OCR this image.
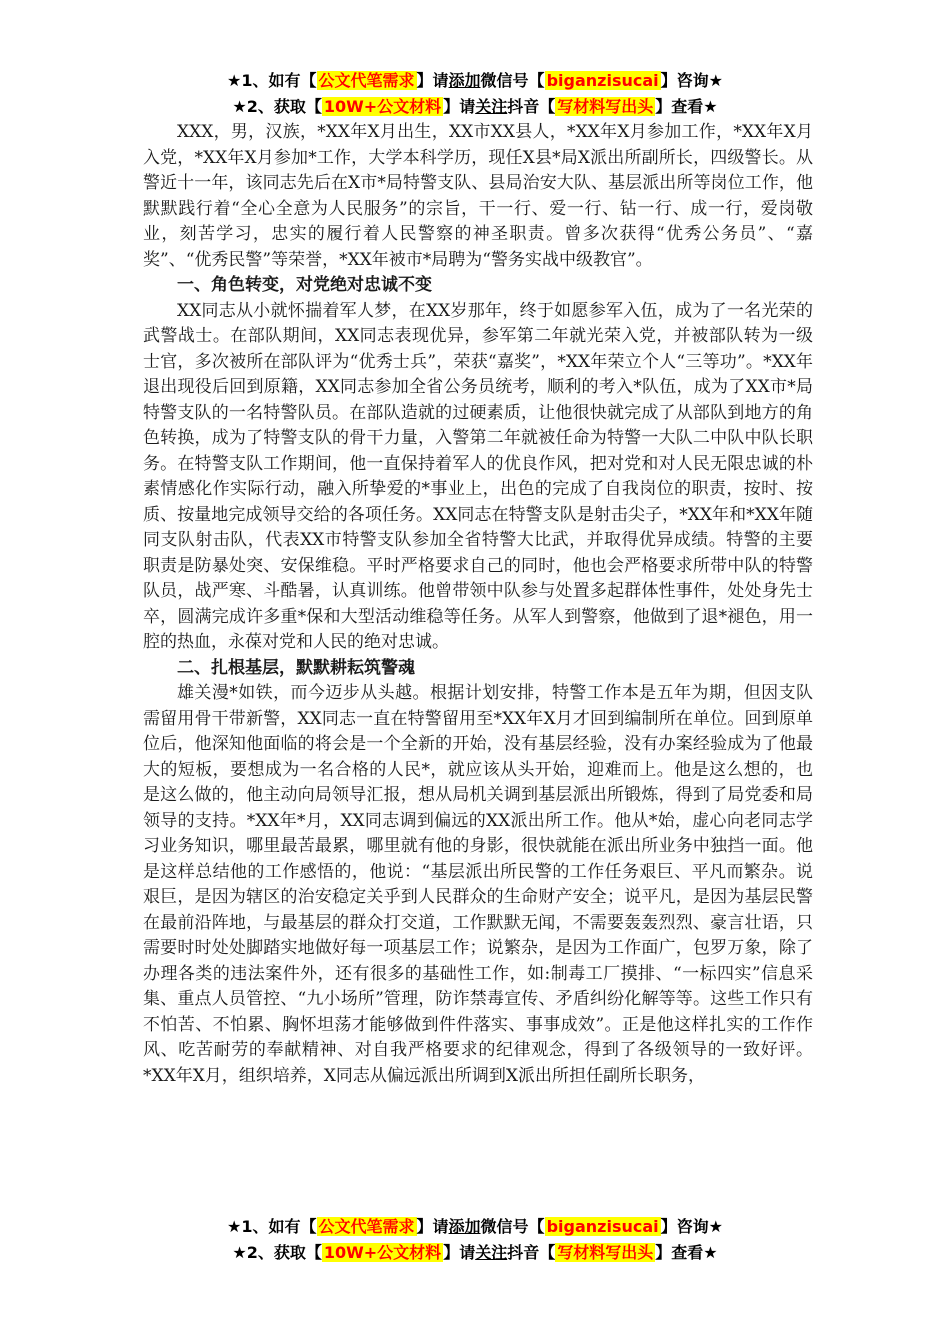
★1、如有【 公文代笔需求 】请添加微信号【 biganzisucai 】咨询★
★2、获取【 10W+公文材料 】请关注抖音【 写材料写出头 】查看★

XXX，男，汉族，*XX年X月出生，XX市XX县人，*XX年X月参加工作，*XX年X月入党，*XX年X月参加*工作，大学本科学历，现任X县*局X派出所副所长，四级警长。从警近十一年，该同志先后在X市*局特警支队、县局治安大队、基层派出所等岗位工作，他默默践行着“全心全意为人民服务”的宗旨，干一行、爱一行、钻一行、成一行，爱岗敬业，刻苦学习，忠实的履行着人民警察的神圣职责。曾多次获得“优秀公务员”、“嘉奖”、“优秀民警”等荣誉，*XX年被市*局聘为“警务实战中级教官”。

一、角色转变，对党绝对忠诚不变

XX同志从小就怀揣着军人梦，在XX岁那年，终于如愿参军入伍，成为了一名光荣的武警战士。在部队期间，XX同志表现优异，参军第二年就光荣入党，并被部队转为一级士官，多次被所在部队评为“优秀士兵”，荣获“嘉奖”，*XX年荣立个人“三等功”。*XX年退出现役后回到原籍，XX同志参加全省公务员统考，顺利的考入*队伍，成为了XX市*局特警支队的一名特警队员。在部队造就的过硬素质，让他很快就完成了从部队到地方的角色转换，成为了特警支队的骨干力量，入警第二年就被任命为特警一大队二中队中队长职务。在特警支队工作期间，他一直保持着军人的优良作风，把对党和对人民无限忠诚的朴素情感化作实际行动，融入所挚爱的*事业上，出色的完成了自我岗位的职责，按时、按质、按量地完成领导交给的各项任务。XX同志在特警支队是射击尖子，*XX年和*XX年随同支队射击队，代表XX市特警支队参加全省特警大比武，并取得优异成绩。特警的主要职责是防暴处突、安保维稳。平时严格要求自己的同时，他也会严格要求所带中队的特警队员，战严寒、斗酷暑，认真训练。他曾带领中队参与处置多起群体性事件，处处身先士卒，圆满完成许多重*保和大型活动维稳等任务。从军人到警察，他做到了退*褪色，用一腔的热血，永葆对党和人民的绝对忠诚。

二、扎根基层，默默耕耘筑警魂

雄关漫*如铁，而今迈步从头越。根据计划安排，特警工作本是五年为期，但因支队需留用骨干带新警，XX同志一直在特警留用至*XX年X月才回到编制所在单位。回到原单位后，他深知他面临的将会是一个全新的开始，没有基层经验，没有办案经验成为了他最大的短板，要想成为一名合格的人民*，就应该从头开始，迎难而上。他是这么想的，也是这么做的，他主动向局领导汇报，想从局机关调到基层派出所锻炼，得到了局党委和局领导的支持。*XX年*月，XX同志调到偏远的XX派出所工作。他从*始，虚心向老同志学习业务知识，哪里最苦最累，哪里就有他的身影，很快就能在派出所业务中独挡一面。他是这样总结他的工作感悟的，他说：“基层派出所民警的工作任务艰巨、平凡而繁杂。说艰巨，是因为辖区的治安稳定关乎到人民群众的生命财产安全；说平凡，是因为基层民警在最前沿阵地，与最基层的群众打交道，工作默默无闻，不需要轰轰烈烈、豪言壮语，只需要时时处处脚踏实地做好每一项基层工作；说繁杂，是因为工作面广，包罗万象，除了办理各类的违法案件外，还有很多的基础性工作，如:制毒工厂摸排、“一标四实”信息采集、重点人员管控、“九小场所”管理，防诈禁毒宣传、矛盾纠纷化解等等。这些工作只有不怕苦、不怕累、胸怀坦荡才能够做到件件落实、事事成效”。正是他这样扎实的工作作风、吃苦耐劳的奉献精神、对自我严格要求的纪律观念，得到了各级领导的一致好评。*XX年X月，组织培养，X同志从偏远派出所调到X派出所担任副所长职务，

★1、如有【 公文代笔需求 】请添加微信号【 biganzisucai 】咨询★
★2、获取【 10W+公文材料 】请关注抖音【 写材料写出头 】查看★
